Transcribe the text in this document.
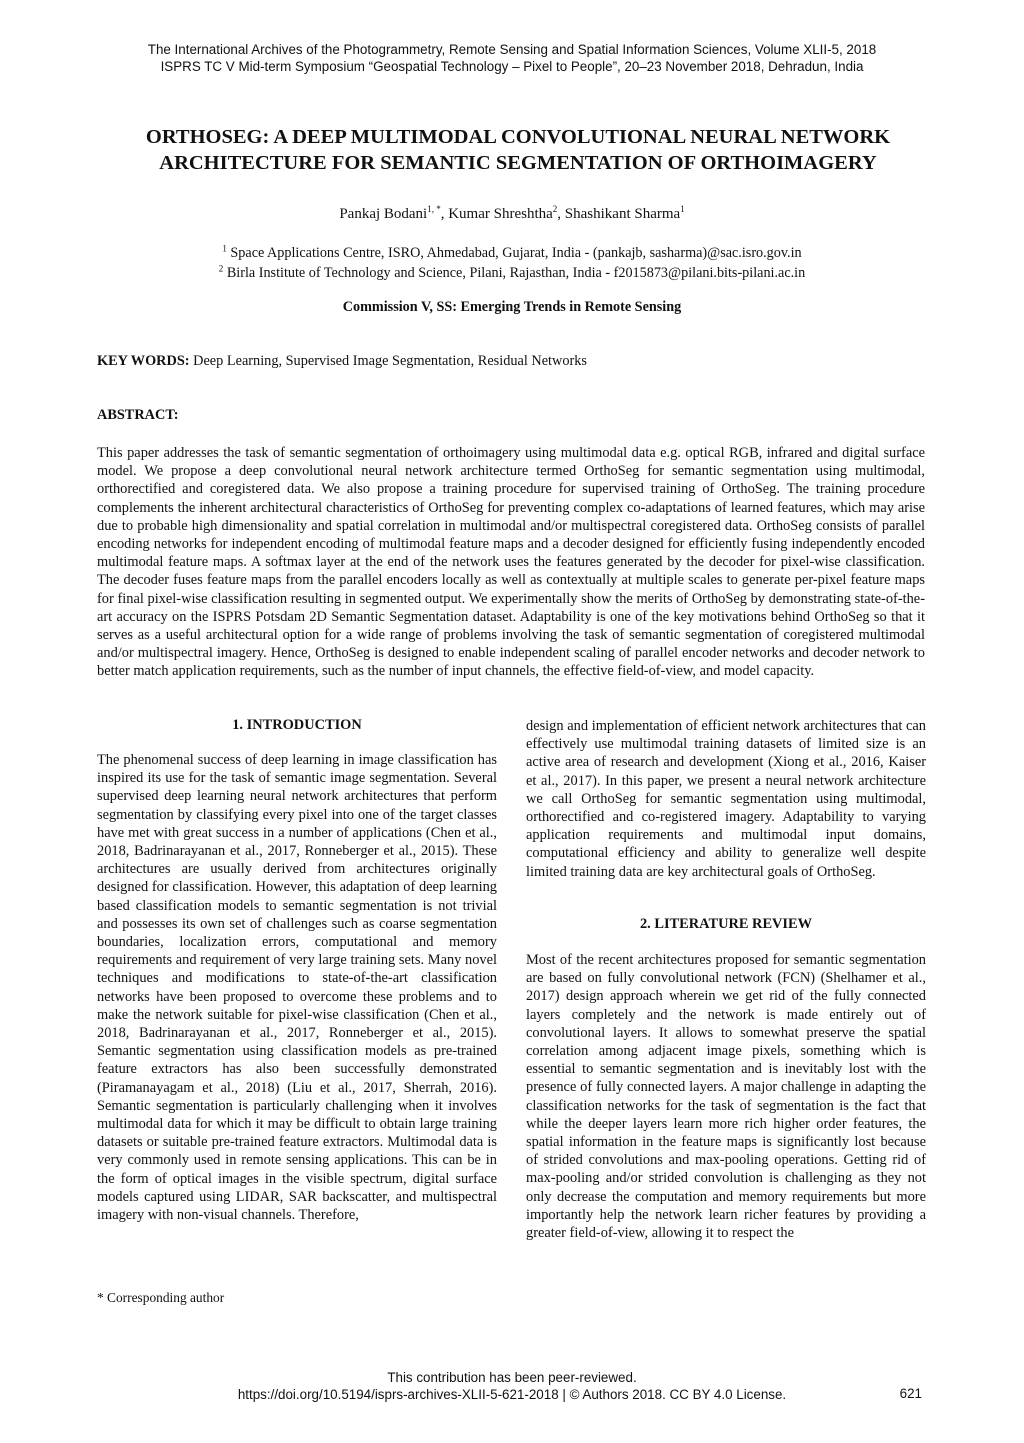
The International Archives of the Photogrammetry, Remote Sensing and Spatial Information Sciences, Volume XLII-5, 2018
ISPRS TC V Mid-term Symposium “Geospatial Technology – Pixel to People”, 20–23 November 2018, Dehradun, India
ORTHOSEG: A DEEP MULTIMODAL CONVOLUTIONAL NEURAL NETWORK
ARCHITECTURE FOR SEMANTIC SEGMENTATION OF ORTHOIMAGERY
Pankaj Bodani$^{1, *}$, Kumar Shreshtha$^2$, Shashikant Sharma$^1$
$^1$ Space Applications Centre, ISRO, Ahmedabad, Gujarat, India - (pankajb, sasharma)@sac.isro.gov.in
$^2$ Birla Institute of Technology and Science, Pilani, Rajasthan, India - f2015873@pilani.bits-pilani.ac.in
Commission V, SS: Emerging Trends in Remote Sensing
KEY WORDS: Deep Learning, Supervised Image Segmentation, Residual Networks
ABSTRACT:
This paper addresses the task of semantic segmentation of orthoimagery using multimodal data e.g. optical RGB, infrared and digital surface model. We propose a deep convolutional neural network architecture termed OrthoSeg for semantic segmentation using multimodal, orthorectified and coregistered data. We also propose a training procedure for supervised training of OrthoSeg. The training procedure complements the inherent architectural characteristics of OrthoSeg for preventing complex co-adaptations of learned features, which may arise due to probable high dimensionality and spatial correlation in multimodal and/or multispectral coregistered data. OrthoSeg consists of parallel encoding networks for independent encoding of multimodal feature maps and a decoder designed for efficiently fusing independently encoded multimodal feature maps. A softmax layer at the end of the network uses the features generated by the decoder for pixel-wise classification. The decoder fuses feature maps from the parallel encoders locally as well as contextually at multiple scales to generate per-pixel feature maps for final pixel-wise classification resulting in segmented output. We experimentally show the merits of OrthoSeg by demonstrating state-of-the-art accuracy on the ISPRS Potsdam 2D Semantic Segmentation dataset. Adaptability is one of the key motivations behind OrthoSeg so that it serves as a useful architectural option for a wide range of problems involving the task of semantic segmentation of coregistered multimodal and/or multispectral imagery. Hence, OrthoSeg is designed to enable independent scaling of parallel encoder networks and decoder network to better match application requirements, such as the number of input channels, the effective field-of-view, and model capacity.
1. INTRODUCTION

The phenomenal success of deep learning in image classification has inspired its use for the task of semantic image segmentation. Several supervised deep learning neural network architectures that perform segmentation by classifying every pixel into one of the target classes have met with great success in a number of applications (Chen et al., 2018, Badrinarayanan et al., 2017, Ronneberger et al., 2015). These architectures are usually derived from architectures originally designed for classification. However, this adaptation of deep learning based classification models to semantic segmentation is not trivial and possesses its own set of challenges such as coarse segmentation boundaries, localization errors, computational and memory requirements and requirement of very large training sets. Many novel techniques and modifications to state-of-the-art classification networks have been proposed to overcome these problems and to make the network suitable for pixel-wise classification (Chen et al., 2018, Badrinarayanan et al., 2017, Ronneberger et al., 2015). Semantic segmentation using classification models as pre-trained feature extractors has also been successfully demonstrated (Piramanayagam et al., 2018) (Liu et al., 2017, Sherrah, 2016). Semantic segmentation is particularly challenging when it involves multimodal data for which it may be difficult to obtain large training datasets or suitable pre-trained feature extractors. Multimodal data is very commonly used in remote sensing applications. This can be in the form of optical images in the visible spectrum, digital surface models captured using LIDAR, SAR backscatter, and multispectral imagery with non-visual channels. Therefore,

design and implementation of efficient network architectures that can effectively use multimodal training datasets of limited size is an active area of research and development (Xiong et al., 2016, Kaiser et al., 2017). In this paper, we present a neural network architecture we call OrthoSeg for semantic segmentation using multimodal, orthorectified and co-registered imagery. Adaptability to varying application requirements and multimodal input domains, computational efficiency and ability to generalize well despite limited training data are key architectural goals of OrthoSeg.

2. LITERATURE REVIEW

Most of the recent architectures proposed for semantic segmentation are based on fully convolutional network (FCN) (Shelhamer et al., 2017) design approach wherein we get rid of the fully connected layers completely and the network is made entirely out of convolutional layers. It allows to somewhat preserve the spatial correlation among adjacent image pixels, something which is essential to semantic segmentation and is inevitably lost with the presence of fully connected layers. A major challenge in adapting the classification networks for the task of segmentation is the fact that while the deeper layers learn more rich higher order features, the spatial information in the feature maps is significantly lost because of strided convolutions and max-pooling operations. Getting rid of max-pooling and/or strided convolution is challenging as they not only decrease the computation and memory requirements but more importantly help the network learn richer features by providing a greater field-of-view, allowing it to respect the

* Corresponding author
This contribution has been peer-reviewed.
https://doi.org/10.5194/isprs-archives-XLII-5-621-2018 | © Authors 2018. CC BY 4.0 License.	621
